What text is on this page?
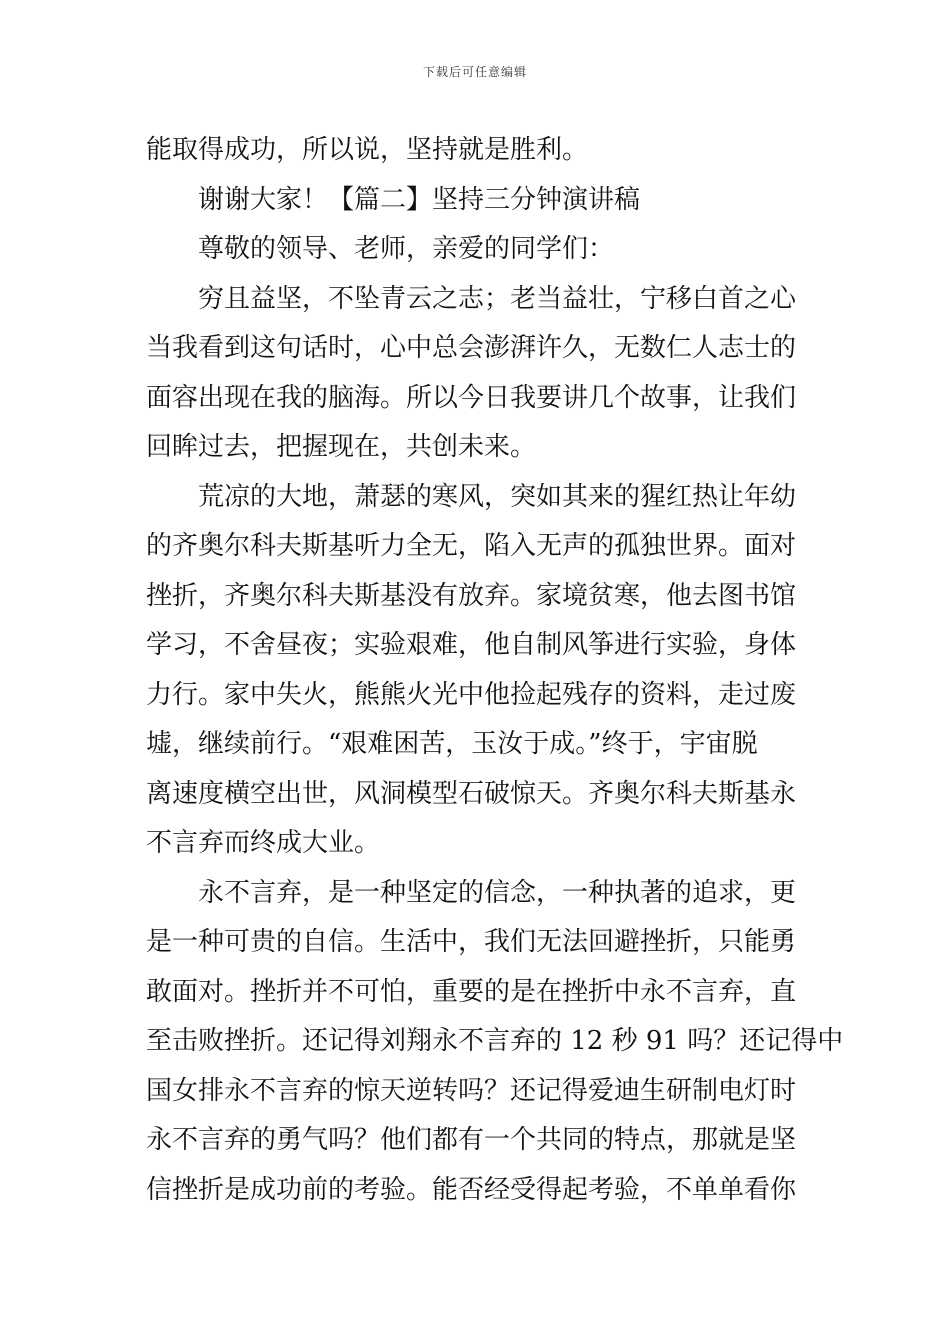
下载后可任意编辑
能取得成功，所以说，坚持就是胜利。
谢谢大家！【篇二】坚持三分钟演讲稿
尊敬的领导、老师，亲爱的同学们：
穷且益坚，不坠青云之志；老当益壮，宁移白首之心
当我看到这句话时，心中总会澎湃许久，无数仁人志士的
面容出现在我的脑海。所以今日我要讲几个故事，让我们
回眸过去，把握现在，共创未来。
荒凉的大地，萧瑟的寒风，突如其来的猩红热让年幼
的齐奥尔科夫斯基听力全无，陷入无声的孤独世界。面对
挫折，齐奥尔科夫斯基没有放弃。家境贫寒，他去图书馆
学习，不舍昼夜；实验艰难，他自制风筝进行实验，身体
力行。家中失火，熊熊火光中他捡起残存的资料，走过废
墟，继续前行。“艰难困苦，玉汝于成。”终于，宇宙脱
离速度横空出世，风洞模型石破惊天。齐奥尔科夫斯基永
不言弃而终成大业。
永不言弃，是一种坚定的信念，一种执著的追求，更
是一种可贵的自信。生活中，我们无法回避挫折，只能勇
敢面对。挫折并不可怕，重要的是在挫折中永不言弃，直
至击败挫折。还记得刘翔永不言弃的 12 秒 91 吗？还记得中
国女排永不言弃的惊天逆转吗？还记得爱迪生研制电灯时
永不言弃的勇气吗？他们都有一个共同的特点，那就是坚
信挫折是成功前的考验。能否经受得起考验，不单单看你
